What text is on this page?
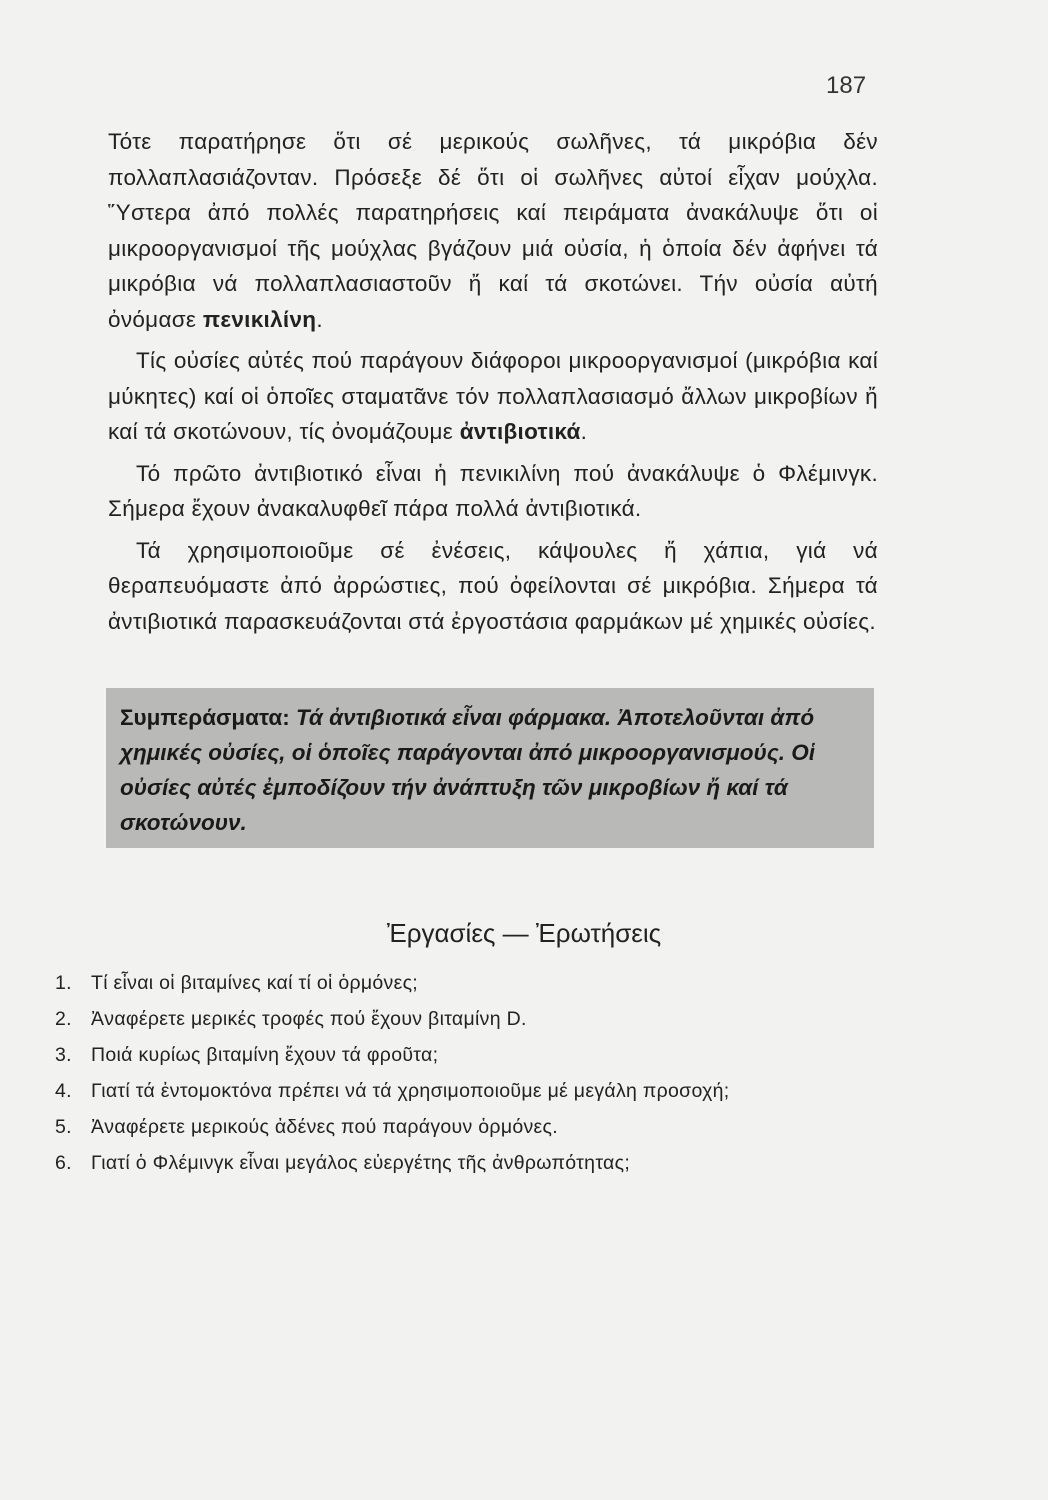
187

Τότε παρατήρησε ὅτι σέ μερικούς σωλῆνες, τά μικρόβια δέν πολλαπλασιάζονταν. Πρόσεξε δέ ὅτι οἱ σωλῆνες αὐτοί εἶχαν μούχλα. Ὕστερα ἀπό πολλές παρατηρήσεις καί πειράματα ἀνακάλυψε ὅτι οἱ μικροοργανισμοί τῆς μούχλας βγάζουν μιά οὐσία, ἡ ὁποία δέν ἀφήνει τά μικρόβια νά πολλαπλασιαστοῦν ἤ καί τά σκοτώνει. Τήν οὐσία αὐτή ὀνόμασε πενικιλίνη.

Τίς οὐσίες αὐτές πού παράγουν διάφοροι μικροοργανισμοί (μικρόβια καί μύκητες) καί οἱ ὁποῖες σταματᾶνε τόν πολλαπλασιασμό ἄλλων μικροβίων ἤ καί τά σκοτώνουν, τίς ὀνομάζουμε ἀντιβιοτικά.

Τό πρῶτο ἀντιβιοτικό εἶναι ἡ πενικιλίνη πού ἀνακάλυψε ὁ Φλέμινγκ. Σήμερα ἔχουν ἀνακαλυφθεῖ πάρα πολλά ἀντιβιοτικά.

Τά χρησιμοποιοῦμε σέ ἐνέσεις, κάψουλες ἤ χάπια, γιά νά θεραπευόμαστε ἀπό ἀρρώστιες, πού ὀφείλονται σέ μικρόβια. Σήμερα τά ἀντιβιοτικά παρασκευάζονται στά ἐργοστάσια φαρμάκων μέ χημικές οὐσίες.

Συμπεράσματα: Τά ἀντιβιοτικά εἶναι φάρμακα. Ἀποτελοῦνται ἀπό χημικές οὐσίες, οἱ ὁποῖες παράγονται ἀπό μικροοργανισμούς. Οἱ οὐσίες αὐτές ἐμποδίζουν τήν ἀνάπτυξη τῶν μικροβίων ἤ καί τά σκοτώνουν.
Ἐργασίες — Ἐρωτήσεις
1. Τί εἶναι οἱ βιταμίνες καί τί οἱ ὁρμόνες;
2. Ἀναφέρετε μερικές τροφές πού ἔχουν βιταμίνη D.
3. Ποιά κυρίως βιταμίνη ἔχουν τά φροῦτα;
4. Γιατί τά ἐντομοκτόνα πρέπει νά τά χρησιμοποιοῦμε μέ μεγάλη προσοχή;
5. Ἀναφέρετε μερικούς ἀδένες πού παράγουν ὁρμόνες.
6. Γιατί ὁ Φλέμινγκ εἶναι μεγάλος εὐεργέτης τῆς ἀνθρωπότητας;
